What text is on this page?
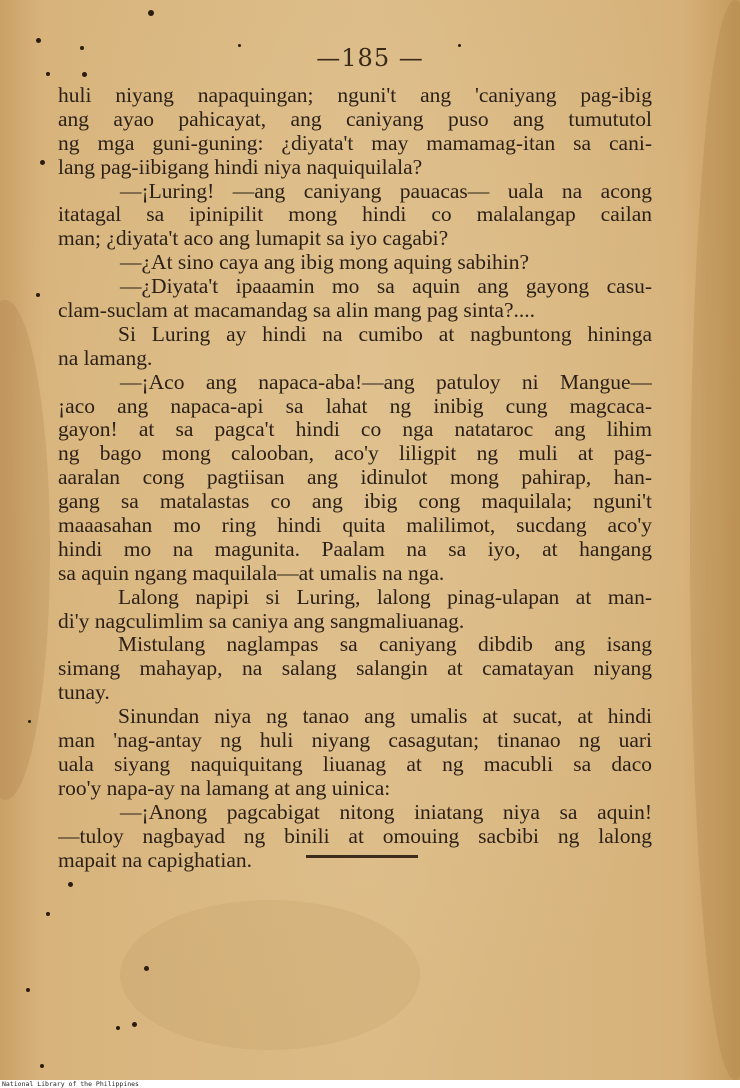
—185 —
huli niyang napaquingan; nguni't ang 'caniyang pag-ibig
ang ayao pahicayat, ang caniyang puso ang tumututol
ng mga guni-guning: ¿diyata't may mamamag-itan sa cani-
lang pag-iibigang hindi niya naquiquilala?
—¡Luring! —ang caniyang pauacas— uala na acong
itatagal sa ipinipilit mong hindi co malalangap cailan
man; ¿diyata't aco ang lumapit sa iyo cagabi?
—¿At sino caya ang ibig mong aquing sabihin?
—¿Diyata't ipaaamin mo sa aquin ang gayong casu-
clam-suclam at macamandag sa alin mang pag sinta?....
Si Luring ay hindi na cumibo at nagbuntong hininga
na lamang.
—¡Aco ang napaca-aba!—ang patuloy ni Mangue—
¡aco ang napaca-api sa lahat ng inibig cung magcaca-
gayon! at sa pagca't hindi co nga natataroc ang lihim
ng bago mong calooban, aco'y liligpit ng muli at pag-
aaralan cong pagtiisan ang idinulot mong pahirap, han-
gang sa matalastas co ang ibig cong maquilala; nguni't
maaasahan mo ring hindi quita malilimot, sucdang aco'y
hindi mo na magunita. Paalam na sa iyo, at hangang
sa aquin ngang maquilala—at umalis na nga.
Lalong napipi si Luring, lalong pinag-ulapan at man-
di'y nagculimlim sa caniya ang sangmaliuanag.
Mistulang naglampas sa caniyang dibdib ang isang
simang mahayap, na salang salangin at camatayan niyang
tunay.
Sinundan niya ng tanao ang umalis at sucat, at hindi
man 'nag-antay ng huli niyang casagutan; tinanao ng uari
uala siyang naquiquitang liuanag at ng macubli sa daco
roo'y napa-ay na lamang at ang uinica:
—¡Anong pagcabigat nitong iniatang niya sa aquin!
—tuloy nagbayad ng binili at omouing sacbibi ng lalong
mapait na capighatian.
National Library of the Philippines
